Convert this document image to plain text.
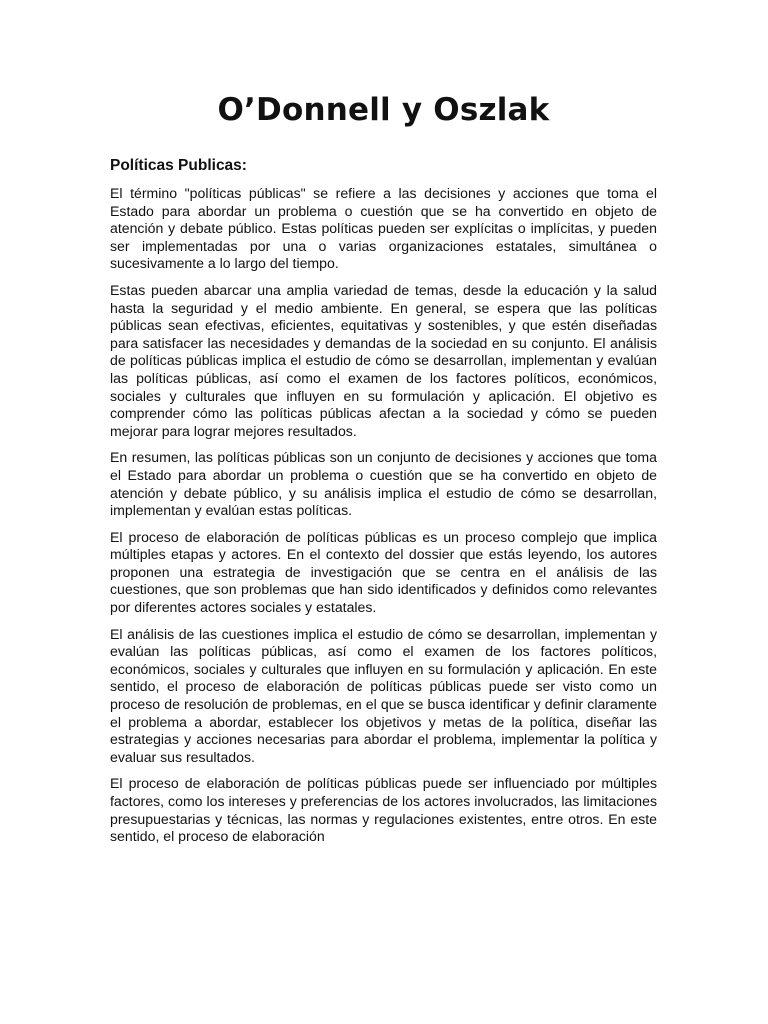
O’Donnell y Oszlak
Políticas Publicas:

El término "políticas públicas" se refiere a las decisiones y acciones que toma el Estado para abordar un problema o cuestión que se ha convertido en objeto de atención y debate público. Estas políticas pueden ser explícitas o implícitas, y pueden ser implementadas por una o varias organizaciones estatales, simultánea o sucesivamente a lo largo del tiempo.

Estas pueden abarcar una amplia variedad de temas, desde la educación y la salud hasta la seguridad y el medio ambiente. En general, se espera que las políticas públicas sean efectivas, eficientes, equitativas y sostenibles, y que estén diseñadas para satisfacer las necesidades y demandas de la sociedad en su conjunto. El análisis de políticas públicas implica el estudio de cómo se desarrollan, implementan y evalúan las políticas públicas, así como el examen de los factores políticos, económicos, sociales y culturales que influyen en su formulación y aplicación. El objetivo es comprender cómo las políticas públicas afectan a la sociedad y cómo se pueden mejorar para lograr mejores resultados.

En resumen, las políticas públicas son un conjunto de decisiones y acciones que toma el Estado para abordar un problema o cuestión que se ha convertido en objeto de atención y debate público, y su análisis implica el estudio de cómo se desarrollan, implementan y evalúan estas políticas.

El proceso de elaboración de políticas públicas es un proceso complejo que implica múltiples etapas y actores. En el contexto del dossier que estás leyendo, los autores proponen una estrategia de investigación que se centra en el análisis de las cuestiones, que son problemas que han sido identificados y definidos como relevantes por diferentes actores sociales y estatales.

El análisis de las cuestiones implica el estudio de cómo se desarrollan, implementan y evalúan las políticas públicas, así como el examen de los factores políticos, económicos, sociales y culturales que influyen en su formulación y aplicación. En este sentido, el proceso de elaboración de políticas públicas puede ser visto como un proceso de resolución de problemas, en el que se busca identificar y definir claramente el problema a abordar, establecer los objetivos y metas de la política, diseñar las estrategias y acciones necesarias para abordar el problema, implementar la política y evaluar sus resultados.

El proceso de elaboración de políticas públicas puede ser influenciado por múltiples factores, como los intereses y preferencias de los actores involucrados, las limitaciones presupuestarias y técnicas, las normas y regulaciones existentes, entre otros. En este sentido, el proceso de elaboración
